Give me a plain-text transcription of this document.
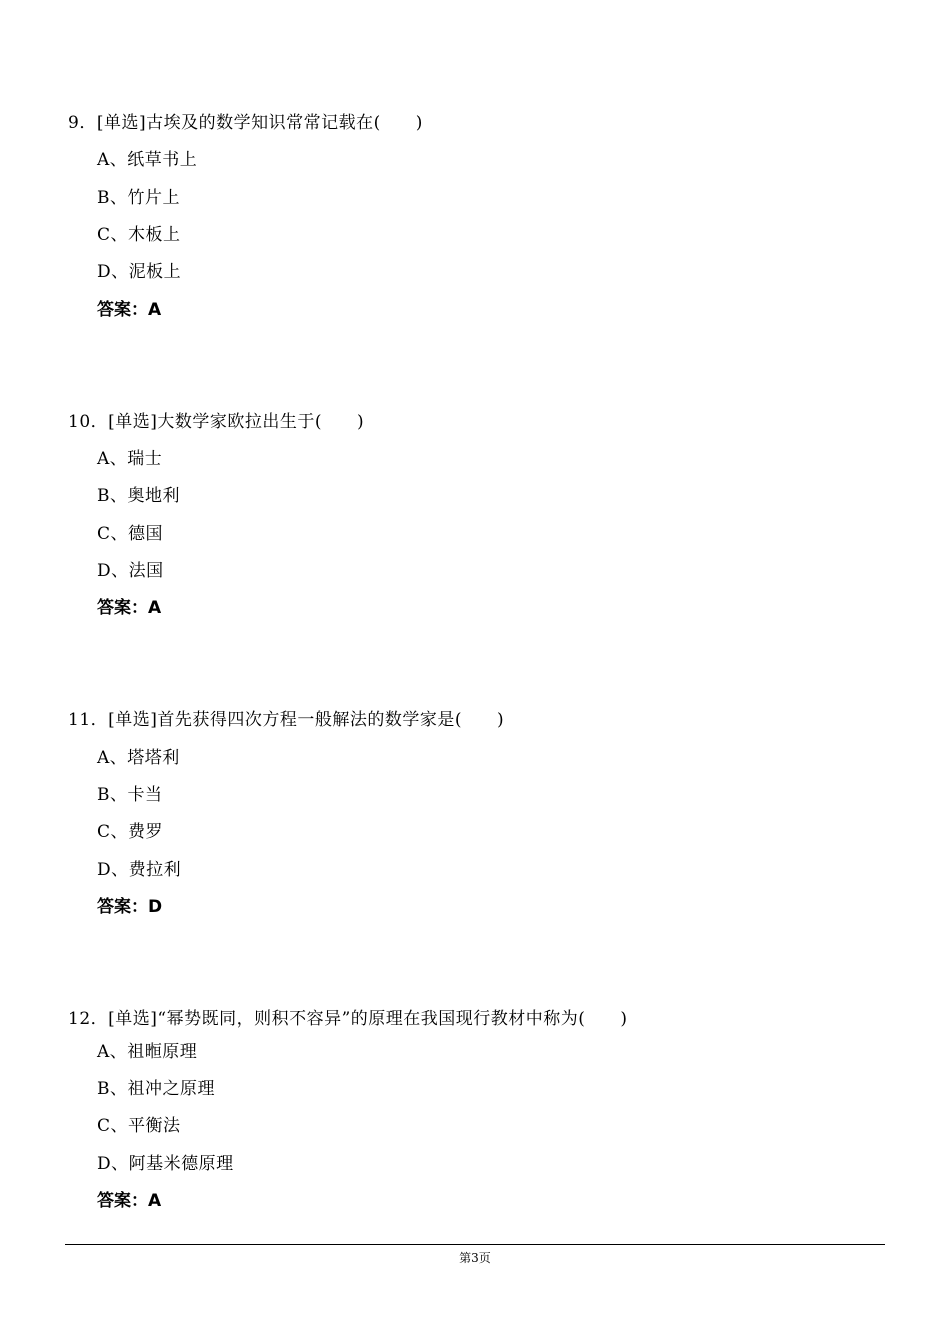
9．[单选]古埃及的数学知识常常记载在(　　)
A、纸草书上
B、竹片上
C、木板上
D、泥板上
答案：A
10．[单选]大数学家欧拉出生于(　　)
A、瑞士
B、奥地利
C、德国
D、法国
答案：A
11．[单选]首先获得四次方程一般解法的数学家是(　　)
A、塔塔利
B、卡当
C、费罗
D、费拉利
答案：D
12．[单选]“幂势既同，则积不容异”的原理在我国现行教材中称为(　　)
A、祖暅原理
B、祖冲之原理
C、平衡法
D、阿基米德原理
答案：A
第3页
